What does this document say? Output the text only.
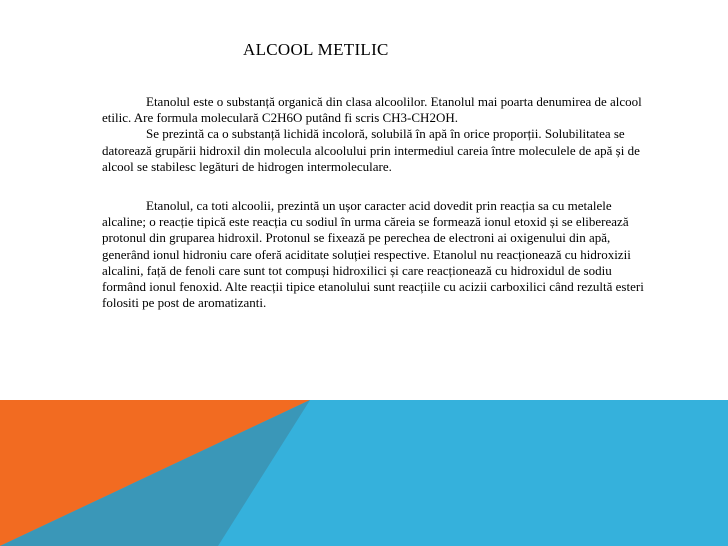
ALCOOL METILIC

Etanolul este o substanță organică din clasa alcoolilor. Etanolul mai poarta denumirea de alcool etilic. Are formula moleculară C2H6O putând fi scris CH3-CH2OH.

Se prezintă ca o substanță lichidă incoloră, solubilă în apă în orice proporții. Solubilitatea se datorează grupării hidroxil din molecula alcoolului prin intermediul careia între moleculele de apă și de alcool se stabilesc legături de hidrogen intermoleculare.

Etanolul, ca toti alcoolii, prezintă un ușor caracter acid dovedit prin reacția sa cu metalele alcaline; o reacție tipică este reacția cu sodiul în urma căreia se formează ionul etoxid și se eliberează protonul din gruparea hidroxil. Protonul se fixează pe perechea de electroni ai oxigenului din apă, generând ionul hidroniu care oferă aciditate soluției respective. Etanolul nu reacționează cu hidroxizii alcalini, față de fenoli care sunt tot compuși hidroxilici și care reacționează cu hidroxidul de sodiu formând ionul fenoxid. Alte reacții tipice etanolului sunt reacțiile cu acizii carboxilici când rezultă esteri folositi pe post de aromatizanti.
